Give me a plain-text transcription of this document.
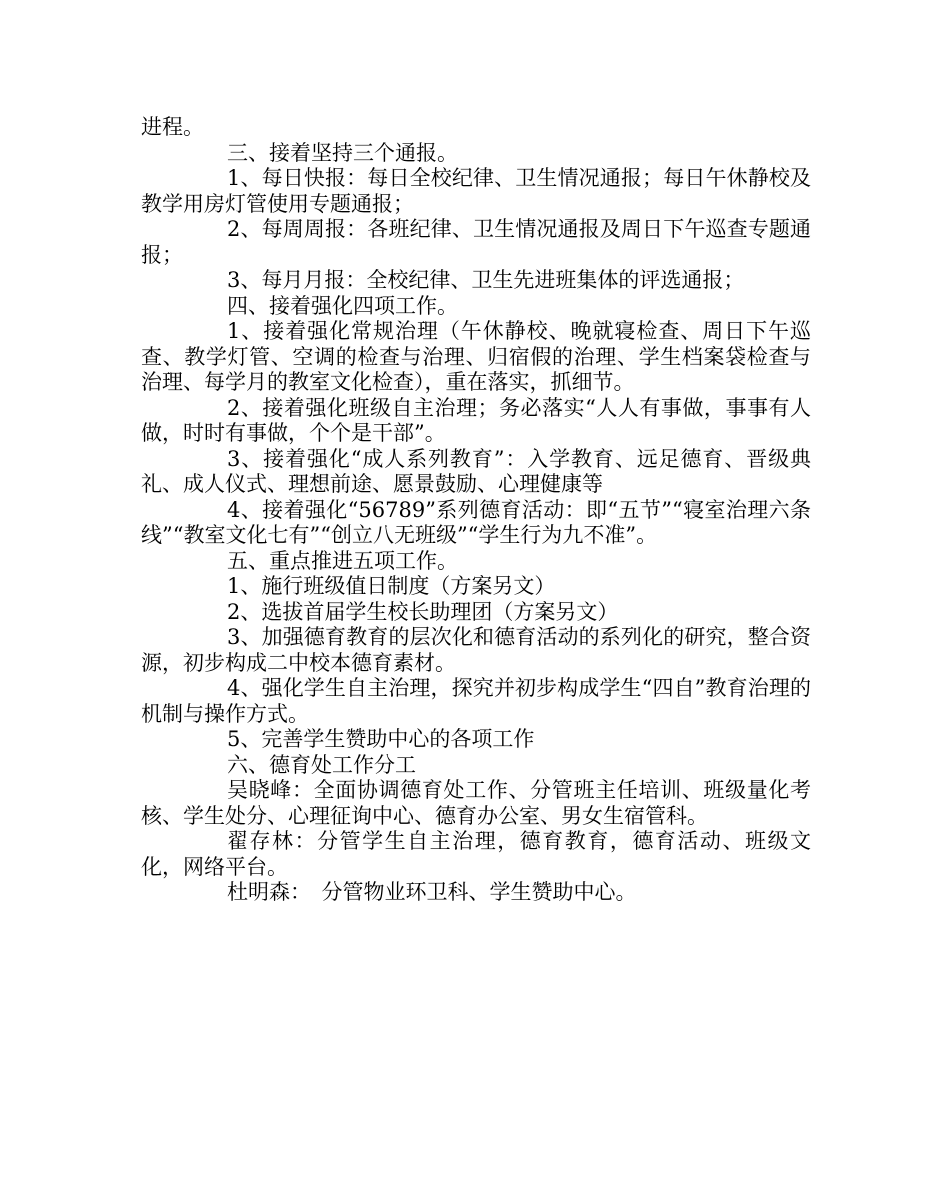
进程。

三、接着坚持三个通报。

1、每日快报：每日全校纪律、卫生情况通报；每日午休静校及教学用房灯管使用专题通报；

2、每周周报：各班纪律、卫生情况通报及周日下午巡查专题通报；

3、每月月报：全校纪律、卫生先进班集体的评选通报；

四、接着强化四项工作。

1、接着强化常规治理（午休静校、晚就寝检查、周日下午巡查、教学灯管、空调的检查与治理、归宿假的治理、学生档案袋检查与治理、每学月的教室文化检查），重在落实，抓细节。

2、接着强化班级自主治理；务必落实“人人有事做，事事有人做，时时有事做，个个是干部”。

3、接着强化“成人系列教育”：入学教育、远足德育、晋级典礼、成人仪式、理想前途、愿景鼓励、心理健康等

4、接着强化“56789”系列德育活动：即“五节”“寝室治理六条线”“教室文化七有”“创立八无班级”“学生行为九不准”。

五、重点推进五项工作。

1、施行班级值日制度（方案另文）

2、选拔首届学生校长助理团（方案另文）

3、加强德育教育的层次化和德育活动的系列化的研究，整合资源，初步构成二中校本德育素材。

4、强化学生自主治理，探究并初步构成学生“四自”教育治理的机制与操作方式。

5、完善学生赞助中心的各项工作

六、德育处工作分工

吴晓峰：全面协调德育处工作、分管班主任培训、班级量化考核、学生处分、心理征询中心、德育办公室、男女生宿管科。

翟存林：分管学生自主治理，德育教育，德育活动、班级文化，网络平台。

杜明森：　分管物业环卫科、学生赞助中心。
